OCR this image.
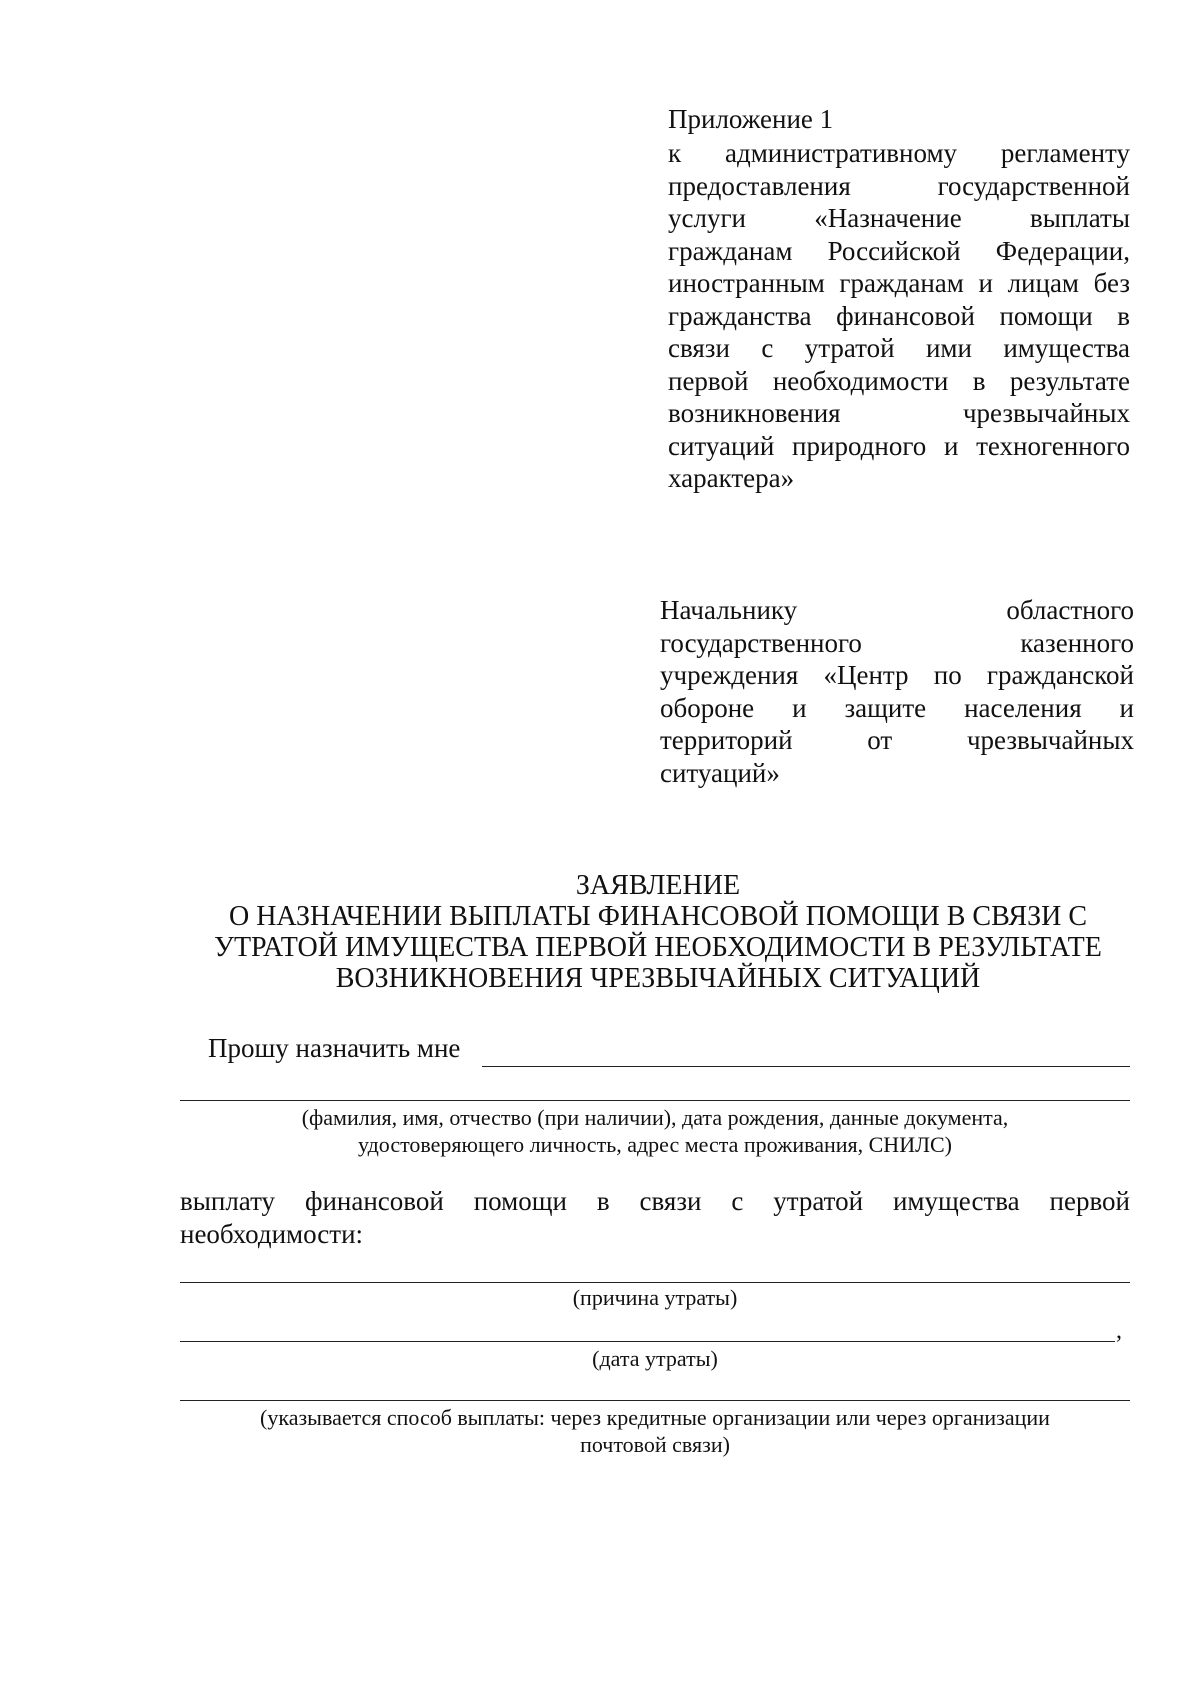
Приложение 1
к административному регламенту
предоставления государственной
услуги «Назначение выплаты
гражданам Российской Федерации,
иностранным гражданам и лицам без
гражданства финансовой помощи в
связи с утратой ими имущества
первой необходимости в результате
возникновения чрезвычайных
ситуаций природного и техногенного
характера»
Начальнику областного
государственного казенного
учреждения «Центр по гражданской
обороне и защите населения и
территорий от чрезвычайных
ситуаций»
ЗАЯВЛЕНИЕ
О НАЗНАЧЕНИИ ВЫПЛАТЫ ФИНАНСОВОЙ ПОМОЩИ В СВЯЗИ С
УТРАТОЙ ИМУЩЕСТВА ПЕРВОЙ НЕОБХОДИМОСТИ В РЕЗУЛЬТАТЕ
ВОЗНИКНОВЕНИЯ ЧРЕЗВЫЧАЙНЫХ СИТУАЦИЙ
Прошу назначить мне
(фамилия, имя, отчество (при наличии), дата рождения, данные документа,
удостоверяющего личность, адрес места проживания, СНИЛС)
выплату финансовой помощи в связи с утратой имущества первой
необходимости:
(причина утраты)
,
(дата утраты)
(указывается способ выплаты: через кредитные организации или через организации
почтовой связи)
